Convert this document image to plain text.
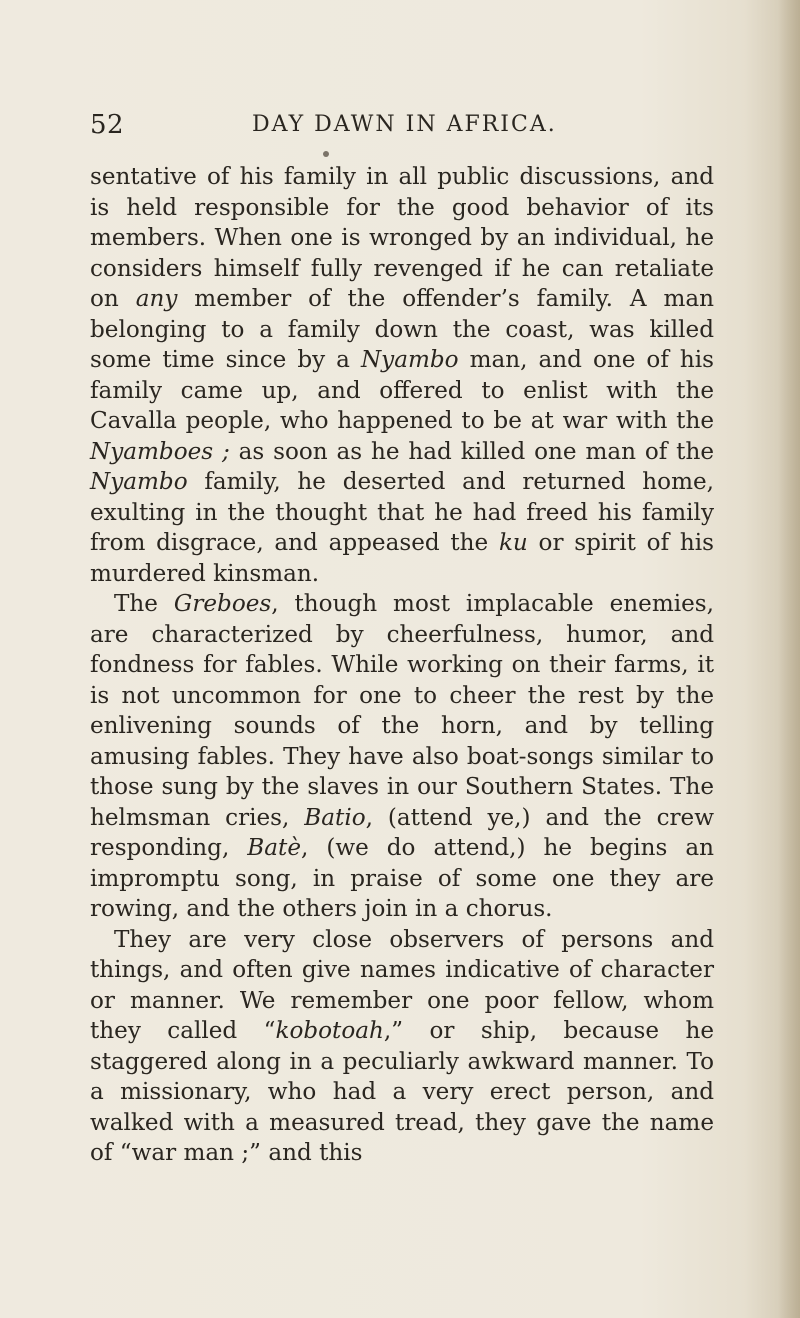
52	DAY DAWN IN AFRICA.

sentative of his family in all public discussions, and is held responsible for the good behavior of its members. When one is wronged by an individual, he considers himself fully revenged if he can retaliate on any member of the offender’s family. A man belonging to a family down the coast, was killed some time since by a Nyambo man, and one of his family came up, and offered to enlist with the Cavalla people, who happened to be at war with the Nyamboes ; as soon as he had killed one man of the Nyambo family, he deserted and returned home, exulting in the thought that he had freed his family from disgrace, and appeased the ku or spirit of his murdered kinsman.

The Greboes, though most implacable enemies, are characterized by cheerfulness, humor, and fondness for fables. While working on their farms, it is not uncommon for one to cheer the rest by the enlivening sounds of the horn, and by telling amusing fables. They have also boat-songs similar to those sung by the slaves in our Southern States. The helmsman cries, Batio, (attend ye,) and the crew responding, Batè, (we do attend,) he begins an impromptu song, in praise of some one they are rowing, and the others join in a chorus.

They are very close observers of persons and things, and often give names indicative of character or manner. We remember one poor fellow, whom they called “kobotoah,” or ship, because he staggered along in a peculiarly awkward manner. To a missionary, who had a very erect person, and walked with a measured tread, they gave the name of “war man ;” and this
